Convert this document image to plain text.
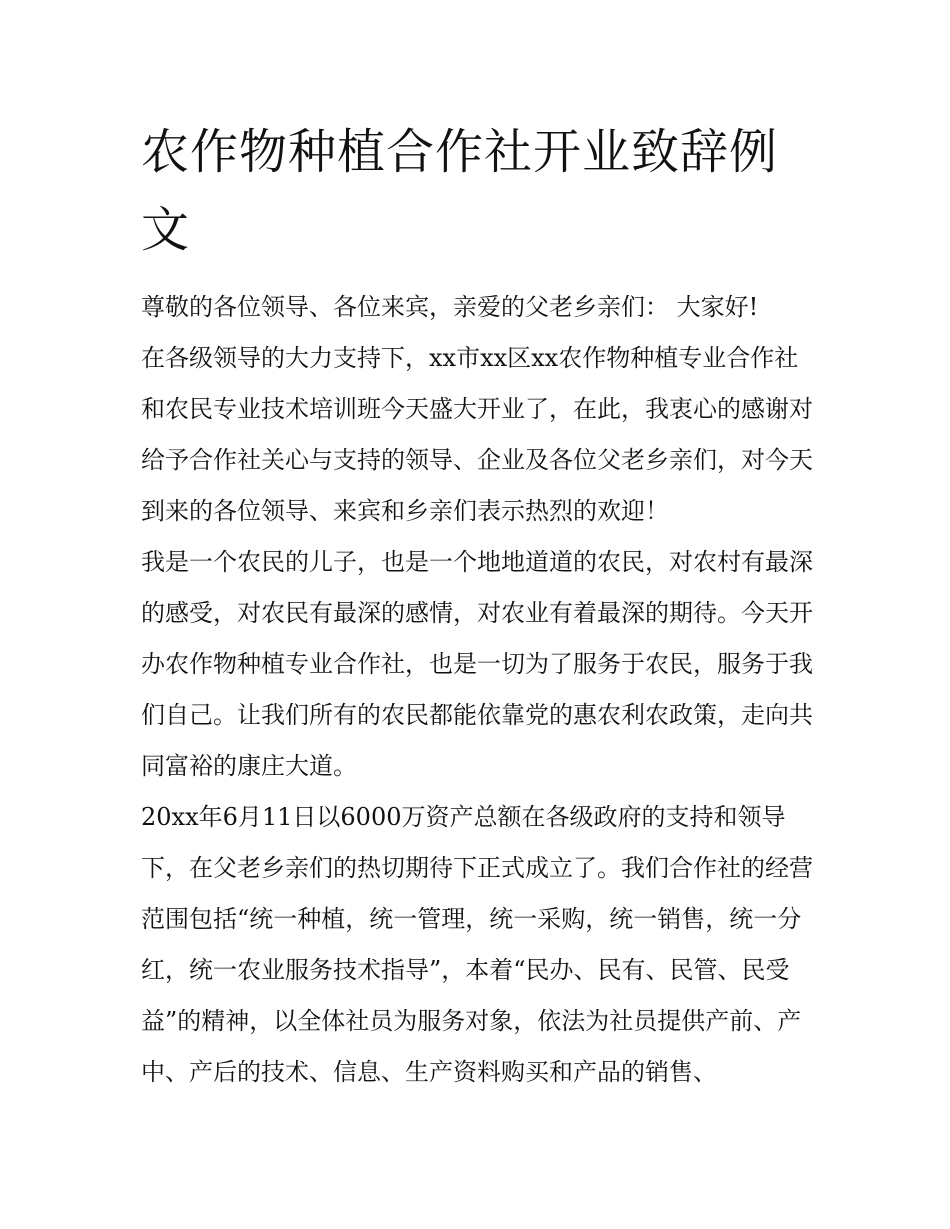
农作物种植合作社开业致辞例文

尊敬的各位领导、各位来宾，亲爱的父老乡亲们： 大家好!

在各级领导的大力支持下，xx市xx区xx农作物种植专业合作社和农民专业技术培训班今天盛大开业了，在此，我衷心的感谢对给予合作社关心与支持的领导、企业及各位父老乡亲们，对今天到来的各位领导、来宾和乡亲们表示热烈的欢迎！

我是一个农民的儿子，也是一个地地道道的农民，对农村有最深的感受，对农民有最深的感情，对农业有着最深的期待。今天开办农作物种植专业合作社，也是一切为了服务于农民，服务于我们自己。让我们所有的农民都能依靠党的惠农利农政策，走向共同富裕的康庄大道。

20xx年6月11日以6000万资产总额在各级政府的支持和领导下，在父老乡亲们的热切期待下正式成立了。我们合作社的经营范围包括“统一种植，统一管理，统一采购，统一销售，统一分红，统一农业服务技术指导”，本着“民办、民有、民管、民受益”的精神，以全体社员为服务对象，依法为社员提供产前、产中、产后的技术、信息、生产资料购买和产品的销售、
